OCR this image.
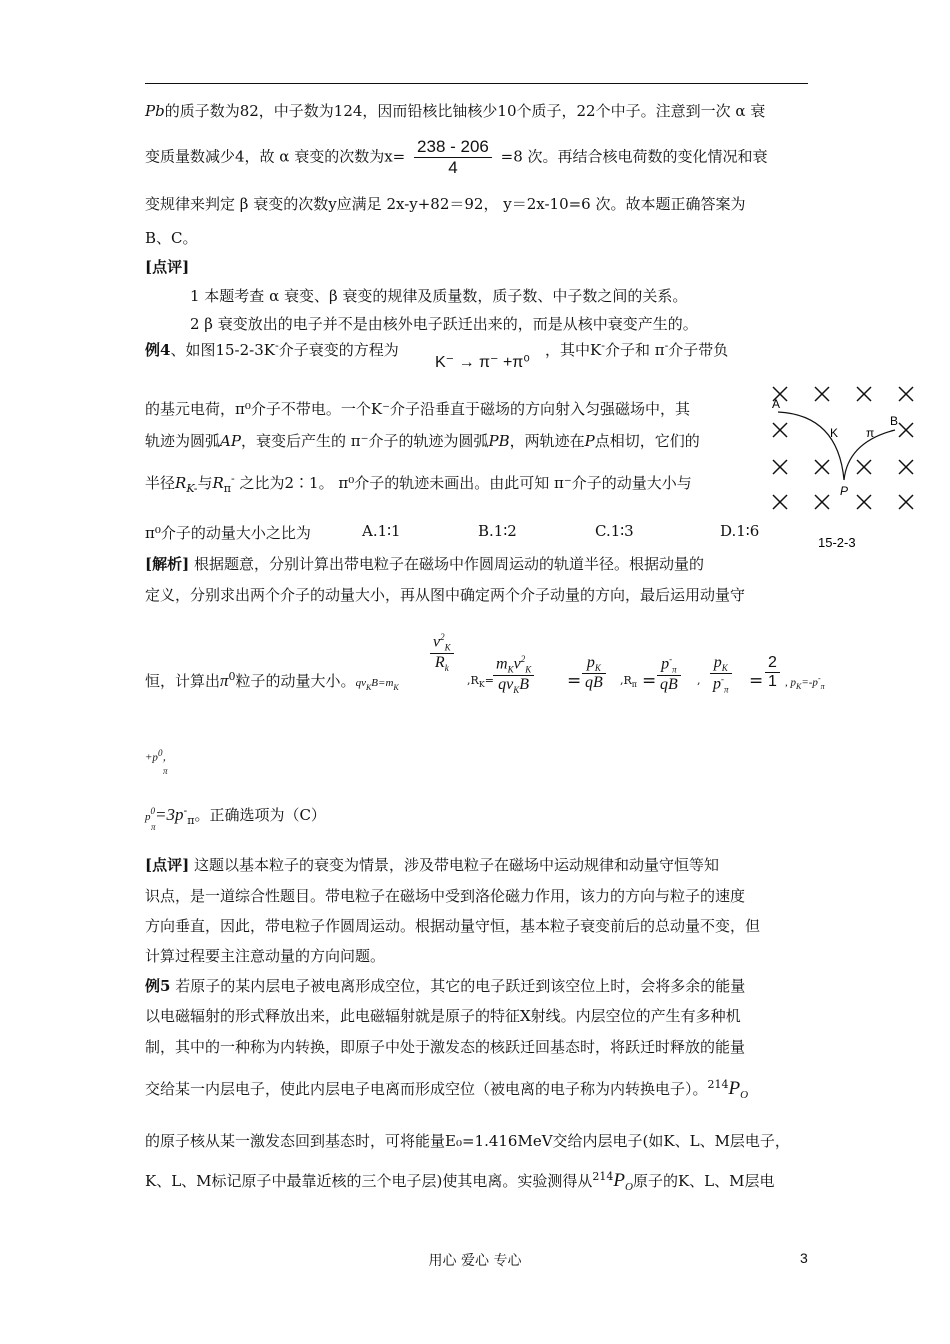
Pb的质子数为82，中子数为124，因而铅核比铀核少10个质子，22个中子。注意到一次 α 衰
变质量数减少4，故 α 衰变的次数为$x= \frac{238 - 206}{4} =8$ 次。再结合核电荷数的变化情况和衰
变规律来判定 β 衰变的次数y应满足 2x-y+82＝92， y＝2x-10=6 次。故本题正确答案为
B、C。
[点评]
1 本题考查 α 衰变、β 衰变的规律及质量数，质子数、中子数之间的关系。
2 β 衰变放出的电子并不是由核外电子跃迁出来的，而是从核中衰变产生的。
例4、如图15-2-3K-介子衰变的方程为
K⁻ → π⁻ +π⁰
，其中K-介子和 π-介子带负
的基元电荷，π⁰介子不带电。一个K⁻介子沿垂直于磁场的方向射入匀强磁场中，其
轨迹为圆弧AP，衰变后产生的 π⁻介子的轨迹为圆弧PB，两轨迹在P点相切，它们的
半径$R_{K-}$与$R_\pi^-$ 之比为2∶1。 π⁰介子的轨迹未画出。由此可知 π⁻介子的动量大小与
π⁰介子的动量大小之比为	A.1∶1	B.1∶2	C.1∶3	D.1∶6
A
B
K π
P
15-2-3
[解析] 根据题意，分别计算出带电粒子在磁场中作圆周运动的轨道半径。根据动量的
定义，分别求出两个介子的动量大小，再从图中确定两个介子动量的方向，最后运用动量守
恒，计算出$\pi^0$粒子的动量大小。$qv_KB=m_K$
$\frac{v^2_K}{R_k}$
$,R_K=$
$m_Kv^2_K$
$qv_KB$	= $\frac{p_K}{qB} ,R_\pi = \frac{p^-_\pi}{qB}$ , $\frac{p_K}{p^-_\pi} = \frac{2}{1}$ , $p_K=-p^-_\pi$
$+p^0$，
π
$p^0=3p^-_\pi$。正确选项为（C）
π
[点评] 这题以基本粒子的衰变为情景，涉及带电粒子在磁场中运动规律和动量守恒等知
识点，是一道综合性题目。带电粒子在磁场中受到洛伦磁力作用，该力的方向与粒子的速度
方向垂直，因此，带电粒子作圆周运动。根据动量守恒，基本粒子衰变前后的总动量不变，但
计算过程要主注意动量的方向问题。
例5 若原子的某内层电子被电离形成空位，其它的电子跃迁到该空位上时，会将多余的能量
以电磁辐射的形式释放出来，此电磁辐射就是原子的特征X射线。内层空位的产生有多种机
制，其中的一种称为内转换，即原子中处于激发态的核跃迁回基态时，将跃迁时释放的能量
交给某一内层电子，使此内层电子电离而形成空位（被电离的电子称为内转换电子）。$^{214}P_O$
的原子核从某一激发态回到基态时，可将能量E₀=1.416MeV交给内层电子(如K、L、M层电子，
K、L、M标记原子中最靠近核的三个电子层)使其电离。实验测得从$^{214}P_O$原子的K、L、M层电
用心 爱心 专心	3
